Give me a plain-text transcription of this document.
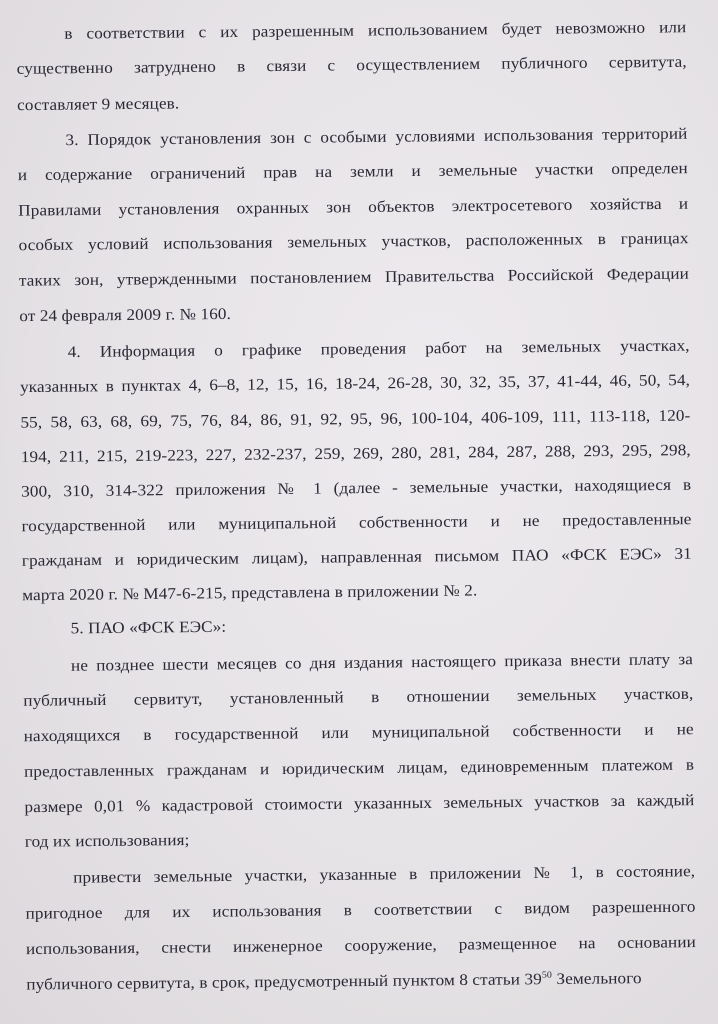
в соответствии с их разрешенным использованием будет невозможно или
существенно затруднено в связи с осуществлением публичного сервитута,
составляет 9 месяцев.
3. Порядок установления зон с особыми условиями использования территорий
и содержание ограничений прав на земли и земельные участки определен
Правилами установления охранных зон объектов электросетевого хозяйства и
особых условий использования земельных участков, расположенных в границах
таких зон, утвержденными постановлением Правительства Российской Федерации
от 24 февраля 2009 г. № 160.
4. Информация о графике проведения работ на земельных участках,
указанных в пунктах 4, 6–8, 12, 15, 16, 18-24, 26-28, 30, 32, 35, 37, 41-44, 46, 50, 54,
55, 58, 63, 68, 69, 75, 76, 84, 86, 91, 92, 95, 96, 100-104, 406-109, 111, 113-118, 120-
194, 211, 215, 219-223, 227, 232-237, 259, 269, 280, 281, 284, 287, 288, 293, 295, 298,
300, 310, 314-322 приложения № 1 (далее - земельные участки, находящиеся в
государственной или муниципальной собственности и не предоставленные
гражданам и юридическим лицам), направленная письмом ПАО «ФСК ЕЭС» 31
марта 2020 г. № М47-6-215, представлена в приложении № 2.
5. ПАО «ФСК ЕЭС»:
не позднее шести месяцев со дня издания настоящего приказа внести плату за
публичный сервитут, установленный в отношении земельных участков,
находящихся в государственной или муниципальной собственности и не
предоставленных гражданам и юридическим лицам, единовременным платежом в
размере 0,01 % кадастровой стоимости указанных земельных участков за каждый
год их использования;
привести земельные участки, указанные в приложении № 1, в состояние,
пригодное для их использования в соответствии с видом разрешенного
использования, снести инженерное сооружение, размещенное на основании
публичного сервитута, в срок, предусмотренный пунктом 8 статьи $39^{50}$ Земельного
